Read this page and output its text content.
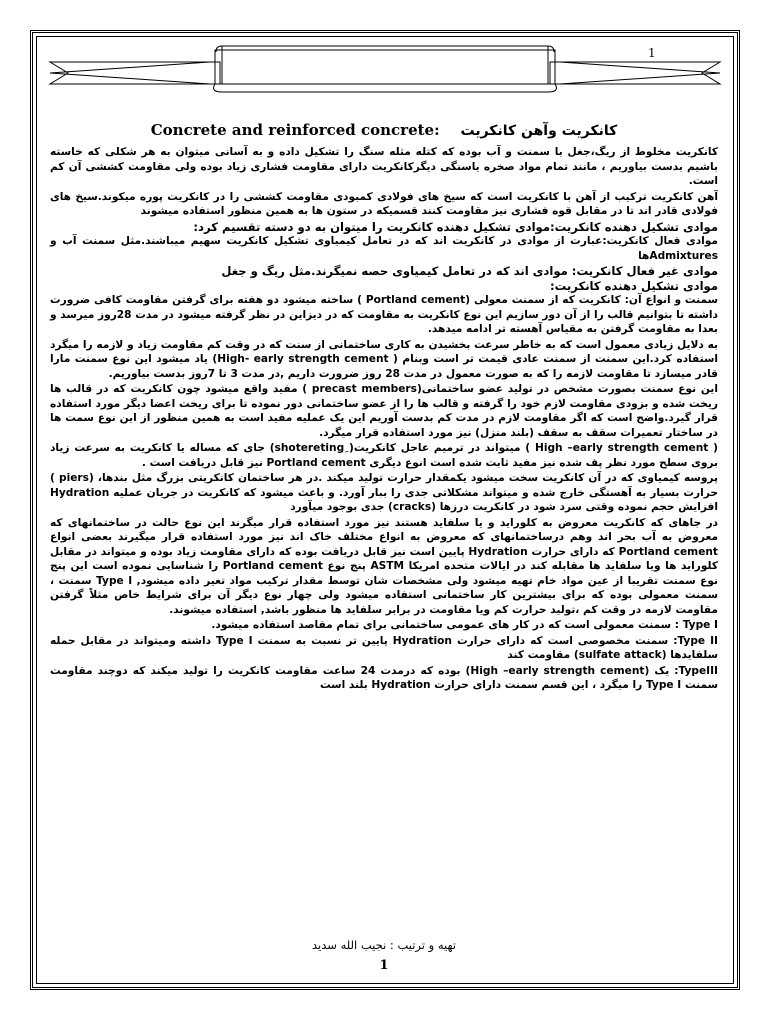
1
کانکریت وآهن کانکریت    Concrete and reinforced concrete:

کانکریت مخلوط از ریگ،جغل با سمنت و آب بوده که کتله مثله سنگ را تشکیل داده و به آسانی میتوان به هر شکلی که خاسته باشیم بدست بیاوریم ، مانند تمام مواد صخره یاسنگی دیگرکانکریت دارای مقاومت فشاری زیاد بوده ولی مقاومت کششی آن کم است.

آهن کانکریت ترکیب از آهن با کانکریت است که سیخ های فولادی کمبودی مقاومت کششی را در کانکریت پوره میکوند.سیخ های فولادی قادر اند تا در مقابل قوه فشاری نیز مقاومت کنند قسمیکه در ستون ها به همین منظور استفاده میشوند

موادی تشکیل دهنده کانکریت:موادی تشکیل دهنده کانکریت را میتوان به دو دسته تقسیم کرد:

موادی فعال کانکریت:عبارت از موادی در کانکریت اند که در تعامل کیمیاوی تشکیل کانکریت سهیم میباشند.مثل سمنت آب و Admixturesها

موادی غیر فعال کانکریت: موادی اند که در تعامل کیمیاوی حصه نمیگرند.مثل ریگ و جغل

موادی تشکیل دهنده کانکریت:

سمنت و انواع آن: کانکریت که از سمنت معولی (Portland cement ) ساخته میشود دو هفته برای گرفتن مقاومت کافی ضرورت داشته تا بتوانیم قالب را از آن دور سازیم این نوع کانکریت به مقاومت که در دیزاین در نظر گرفته میشود در مدت 28روز میرسد و بعدا به مقاومت گرفتن به مقیاس آهسته تر ادامه میدهد.

به دلایل زیادی معمول است که به خاطر سرعت بخشیدن به کاری ساختمانی از سنت که در وقت کم مقاومت زیاد و لازمه را میگرد استفاده کرد.این سمنت از سمنت عادی قیمت تر است وبنام ( High- early strength cement) یاد میشود این نوع سمنت مارا قادر میسازد تا مقاومت لازمه را که به صورت معمول در مدت 28 روز ضرورت داریم ,در مدت 3 تا 7روز بدست بیاوریم.

این نوع سمنت بصورت مشخص در تولید عضو ساختمانی(precast members ) مفید واقع میشود چون کانکریت که در قالب ها ریخت شده و بزودی مقاومت لازم خود را گرفته و قالب ها را از عضو ساختمانی دور نموده تا برای ریخت اعضا دیگر مورد استفاده قرار گیرد.واضح است که اگر مقاومت لازم در مدت کم بدست آوریم این یک عملیه مفید است به همین منظور از این نوع سمت ها در ساختار تعمیرات سقف به سقف (بلند منزل) نیز مورد استفاده قرار میگرد.

( High –early strength cement ) میتواند در ترمیم عاجل کانکریت( shoteretingِ) جای که مساله یا کانکریت به سرعت زیاد بروی سطح مورد نظر پف شده نیز مفید ثابت شده است انوع دیگری Portland cement نیز قابل دریافت است .

پروسه کیمیاوی که در آن کانکریت سخت میشود یکمقدار حرارت تولید میکند .در هر ساختمان کانکریتی بزرگ مثل بندها، (piers ) حرارت بسیار به آهستگی خارج شده و میتواند مشکلاتی جدی را ببار آورد. و باعث میشود که کانکریت در جریان عملیه Hydration افزایش حجم نموده وقتی سرد شود در کانکریت درزها (cracks) جدی بوجود میآورد

در جاهای که کانکریت معروض به کلوراید و یا سلفاید هستند نیز مورد استفاده قرار میگرند این نوع حالت در ساختمانهای که معروض به آب بحر اند وهم درساختمانهای که معروض به انواع مختلف خاک اند نیز مورد استفاده قرار میگیرند بعضی انواع Portland cement که دارای حرارت Hydration پایین است نیز قابل دریافت بوده که دارای مقاومت زیاد بوده و میتواند در مقابل کلوراید ها ویا سلفاید ها مقابله کند در ایالات متحده امریکا ASTM پنج نوع Portland cement را شناسایی نموده است این پنج نوع سمنت تقریبا از عین مواد خام تهیه میشود ولی مشخصات شان توسط مقدار ترکیب مواد تغیر داده میشود, Type I سمنت ، سمنت معمولی بوده که برای بیشترین کار ساختمانی استفاده میشود ولی چهار نوع دیگر آن برای شرایط خاص مثلاً گرفتن مقاومت لازمه در وقت کم ،تولید حرارت کم ویا مقاومت در برابر سلفاید ها منظور باشد, استفاده میشوند.

Type I : سمنت معمولی است که در کار های عمومی ساختمانی برای تمام مقاصد استفاده میشود.

Type II: سمنت مخصوصی است که دارای حرارت Hydration پایین تر نسبت به سمنت Type I داشته ومیتواند در مقابل حمله سلفایدها (sulfate attack) مقاومت کند

TypeIII: یک (High –early strength cement) بوده که درمدت 24 ساعت مقاومت کانکریت را تولید میکند که دوچند مقاومت سمنت Type I را میگرد ، این قسم سمنت دارای حرارت Hydration بلند است

تهیه و ترتیب : نجیب الله سدید
1
